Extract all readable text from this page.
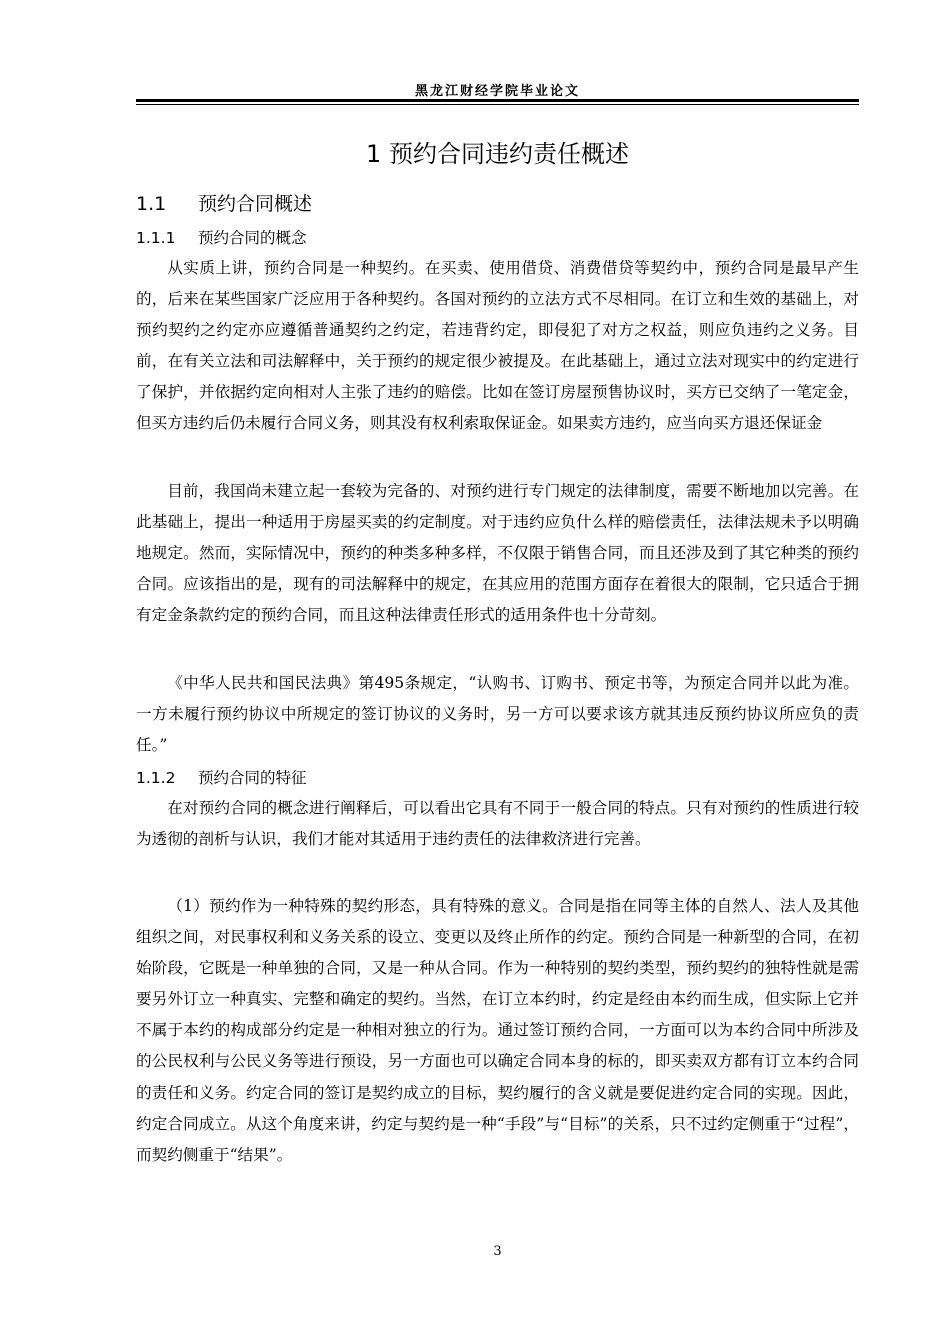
黑龙江财经学院毕业论文
1 预约合同违约责任概述
1.1 预约合同概述
1.1.1 预约合同的概念

从实质上讲，预约合同是一种契约。在买卖、使用借贷、消费借贷等契约中，预约合同是最早产生的，后来在某些国家广泛应用于各种契约。各国对预约的立法方式不尽相同。在订立和生效的基础上，对预约契约之约定亦应遵循普通契约之约定，若违背约定，即侵犯了对方之权益，则应负违约之义务。目前，在有关立法和司法解释中，关于预约的规定很少被提及。在此基础上，通过立法对现实中的约定进行了保护，并依据约定向相对人主张了违约的赔偿。比如在签订房屋预售协议时，买方已交纳了一笔定金，但买方违约后仍未履行合同义务，则其没有权利索取保证金。如果卖方违约，应当向买方退还保证金

目前，我国尚未建立起一套较为完备的、对预约进行专门规定的法律制度，需要不断地加以完善。在此基础上，提出一种适用于房屋买卖的约定制度。对于违约应负什么样的赔偿责任，法律法规未予以明确地规定。然而，实际情况中，预约的种类多种多样，不仅限于销售合同，而且还涉及到了其它种类的预约合同。应该指出的是，现有的司法解释中的规定，在其应用的范围方面存在着很大的限制，它只适合于拥有定金条款约定的预约合同，而且这种法律责任形式的适用条件也十分苛刻。

《中华人民共和国民法典》第495条规定，“认购书、订购书、预定书等，为预定合同并以此为准。一方未履行预约协议中所规定的签订协议的义务时，另一方可以要求该方就其违反预约协议所应负的责任。”

1.1.2 预约合同的特征

在对预约合同的概念进行阐释后，可以看出它具有不同于一般合同的特点。只有对预约的性质进行较为透彻的剖析与认识，我们才能对其适用于违约责任的法律救济进行完善。

（1）预约作为一种特殊的契约形态，具有特殊的意义。合同是指在同等主体的自然人、法人及其他组织之间，对民事权利和义务关系的设立、变更以及终止所作的约定。预约合同是一种新型的合同，在初始阶段，它既是一种单独的合同，又是一种从合同。作为一种特别的契约类型，预约契约的独特性就是需要另外订立一种真实、完整和确定的契约。当然，在订立本约时，约定是经由本约而生成，但实际上它并不属于本约的构成部分约定是一种相对独立的行为。通过签订预约合同，一方面可以为本约合同中所涉及的公民权利与公民义务等进行预设，另一方面也可以确定合同本身的标的，即买卖双方都有订立本约合同的责任和义务。约定合同的签订是契约成立的目标，契约履行的含义就是要促进约定合同的实现。因此，约定合同成立。从这个角度来讲，约定与契约是一种“手段”与“目标”的关系，只不过约定侧重于“过程”，而契约侧重于“结果”。

3
